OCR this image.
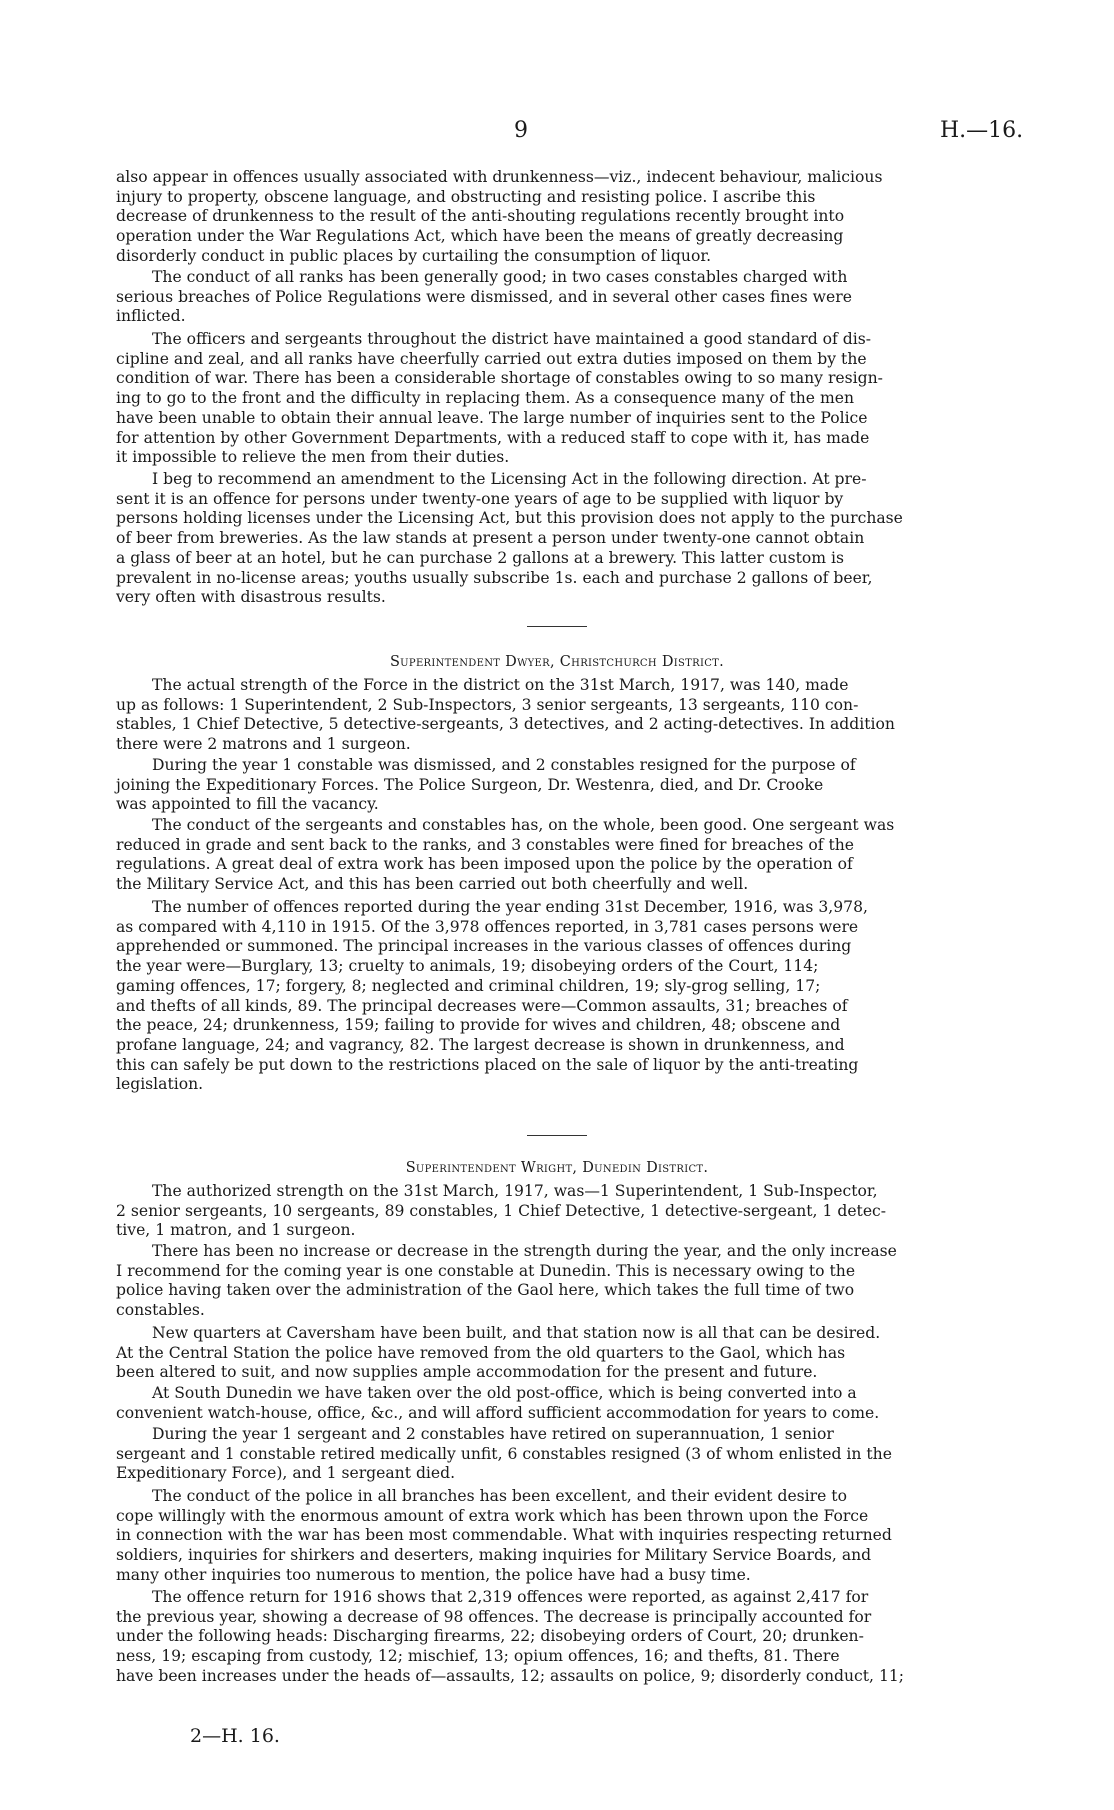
9	H.—16.

also appear in offences usually associated with drunkenness—viz., indecent behaviour, malicious
injury to property, obscene language, and obstructing and resisting police. I ascribe this
decrease of drunkenness to the result of the anti-shouting regulations recently brought into
operation under the War Regulations Act, which have been the means of greatly decreasing
disorderly conduct in public places by curtailing the consumption of liquor.

The conduct of all ranks has been generally good; in two cases constables charged with
serious breaches of Police Regulations were dismissed, and in several other cases fines were
inflicted.

The officers and sergeants throughout the district have maintained a good standard of dis-
cipline and zeal, and all ranks have cheerfully carried out extra duties imposed on them by the
condition of war. There has been a considerable shortage of constables owing to so many resign-
ing to go to the front and the difficulty in replacing them. As a consequence many of the men
have been unable to obtain their annual leave. The large number of inquiries sent to the Police
for attention by other Government Departments, with a reduced staff to cope with it, has made
it impossible to relieve the men from their duties.

I beg to recommend an amendment to the Licensing Act in the following direction. At pre-
sent it is an offence for persons under twenty-one years of age to be supplied with liquor by
persons holding licenses under the Licensing Act, but this provision does not apply to the purchase
of beer from breweries. As the law stands at present a person under twenty-one cannot obtain
a glass of beer at an hotel, but he can purchase 2 gallons at a brewery. This latter custom is
prevalent in no-license areas; youths usually subscribe 1s. each and purchase 2 gallons of beer,
very often with disastrous results.

Superintendent Dwyer, Christchurch District.

The actual strength of the Force in the district on the 31st March, 1917, was 140, made
up as follows: 1 Superintendent, 2 Sub-Inspectors, 3 senior sergeants, 13 sergeants, 110 con-
stables, 1 Chief Detective, 5 detective-sergeants, 3 detectives, and 2 acting-detectives. In addition
there were 2 matrons and 1 surgeon.

During the year 1 constable was dismissed, and 2 constables resigned for the purpose of
joining the Expeditionary Forces. The Police Surgeon, Dr. Westenra, died, and Dr. Crooke
was appointed to fill the vacancy.

The conduct of the sergeants and constables has, on the whole, been good. One sergeant was
reduced in grade and sent back to the ranks, and 3 constables were fined for breaches of the
regulations. A great deal of extra work has been imposed upon the police by the operation of
the Military Service Act, and this has been carried out both cheerfully and well.

The number of offences reported during the year ending 31st December, 1916, was 3,978,
as compared with 4,110 in 1915. Of the 3,978 offences reported, in 3,781 cases persons were
apprehended or summoned. The principal increases in the various classes of offences during
the year were—Burglary, 13; cruelty to animals, 19; disobeying orders of the Court, 114;
gaming offences, 17; forgery, 8; neglected and criminal children, 19; sly-grog selling, 17;
and thefts of all kinds, 89. The principal decreases were—Common assaults, 31; breaches of
the peace, 24; drunkenness, 159; failing to provide for wives and children, 48; obscene and
profane language, 24; and vagrancy, 82. The largest decrease is shown in drunkenness, and
this can safely be put down to the restrictions placed on the sale of liquor by the anti-treating
legislation.

Superintendent Wright, Dunedin District.

The authorized strength on the 31st March, 1917, was—1 Superintendent, 1 Sub-Inspector,
2 senior sergeants, 10 sergeants, 89 constables, 1 Chief Detective, 1 detective-sergeant, 1 detec-
tive, 1 matron, and 1 surgeon.

There has been no increase or decrease in the strength during the year, and the only increase
I recommend for the coming year is one constable at Dunedin. This is necessary owing to the
police having taken over the administration of the Gaol here, which takes the full time of two
constables.

New quarters at Caversham have been built, and that station now is all that can be desired.
At the Central Station the police have removed from the old quarters to the Gaol, which has
been altered to suit, and now supplies ample accommodation for the present and future.

At South Dunedin we have taken over the old post-office, which is being converted into a
convenient watch-house, office, &c., and will afford sufficient accommodation for years to come.

During the year 1 sergeant and 2 constables have retired on superannuation, 1 senior
sergeant and 1 constable retired medically unfit, 6 constables resigned (3 of whom enlisted in the
Expeditionary Force), and 1 sergeant died.

The conduct of the police in all branches has been excellent, and their evident desire to
cope willingly with the enormous amount of extra work which has been thrown upon the Force
in connection with the war has been most commendable. What with inquiries respecting returned
soldiers, inquiries for shirkers and deserters, making inquiries for Military Service Boards, and
many other inquiries too numerous to mention, the police have had a busy time.

The offence return for 1916 shows that 2,319 offences were reported, as against 2,417 for
the previous year, showing a decrease of 98 offences. The decrease is principally accounted for
under the following heads: Discharging firearms, 22; disobeying orders of Court, 20; drunken-
ness, 19; escaping from custody, 12; mischief, 13; opium offences, 16; and thefts, 81. There
have been increases under the heads of—assaults, 12; assaults on police, 9; disorderly conduct, 11;

2—H. 16.
